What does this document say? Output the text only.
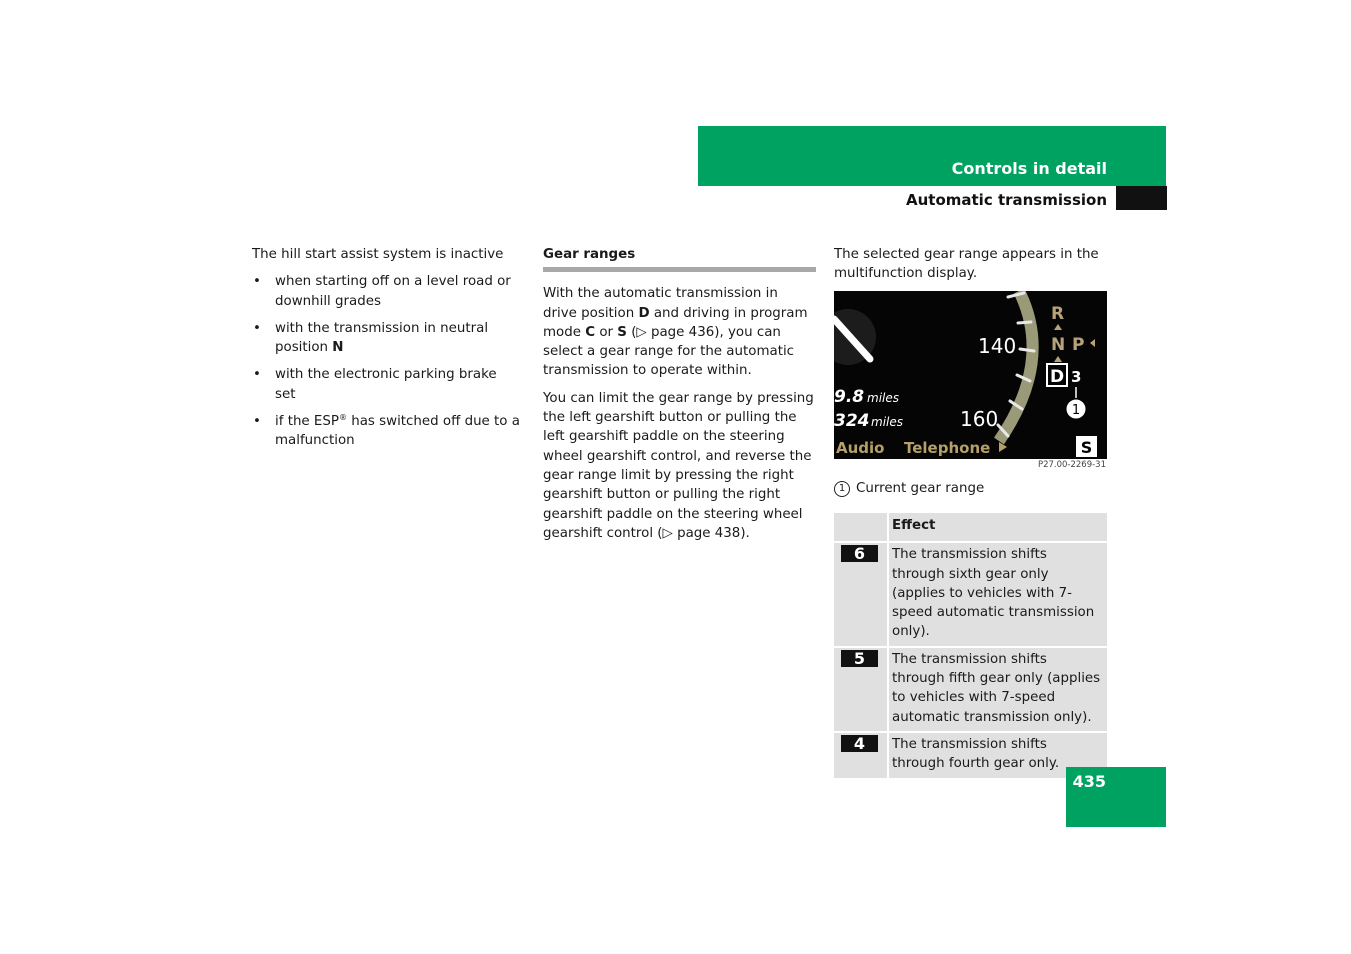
Controls in detail
Automatic transmission

The hill start assist system is inactive

• when starting off on a level road or downhill grades
• with the transmission in neutral position N
• with the electronic parking brake set
• if the ESP® has switched off due to a malfunction
Gear ranges

With the automatic transmission in drive position D and driving in program mode C or S (▷ page 436), you can select a gear range for the automatic transmission to operate within.

You can limit the gear range by pressing the left gearshift button or pulling the left gearshift paddle on the steering wheel gearshift control, and reverse the gear range limit by pressing the right gearshift button or pulling the right gearshift paddle on the steering wheel gearshift control (▷ page 438).

The selected gear range appears in the multifunction display.

140
160
9.8 miles
324 miles
Audio Telephone
R
N P
D 3
1
S
P27.00-2269-31
1 Current gear range
	Effect
6	The transmission shifts through sixth gear only (applies to vehicles with 7-speed automatic transmission only).
5	The transmission shifts through fifth gear only (applies to vehicles with 7-speed automatic transmission only).
4	The transmission shifts through fourth gear only.
435
